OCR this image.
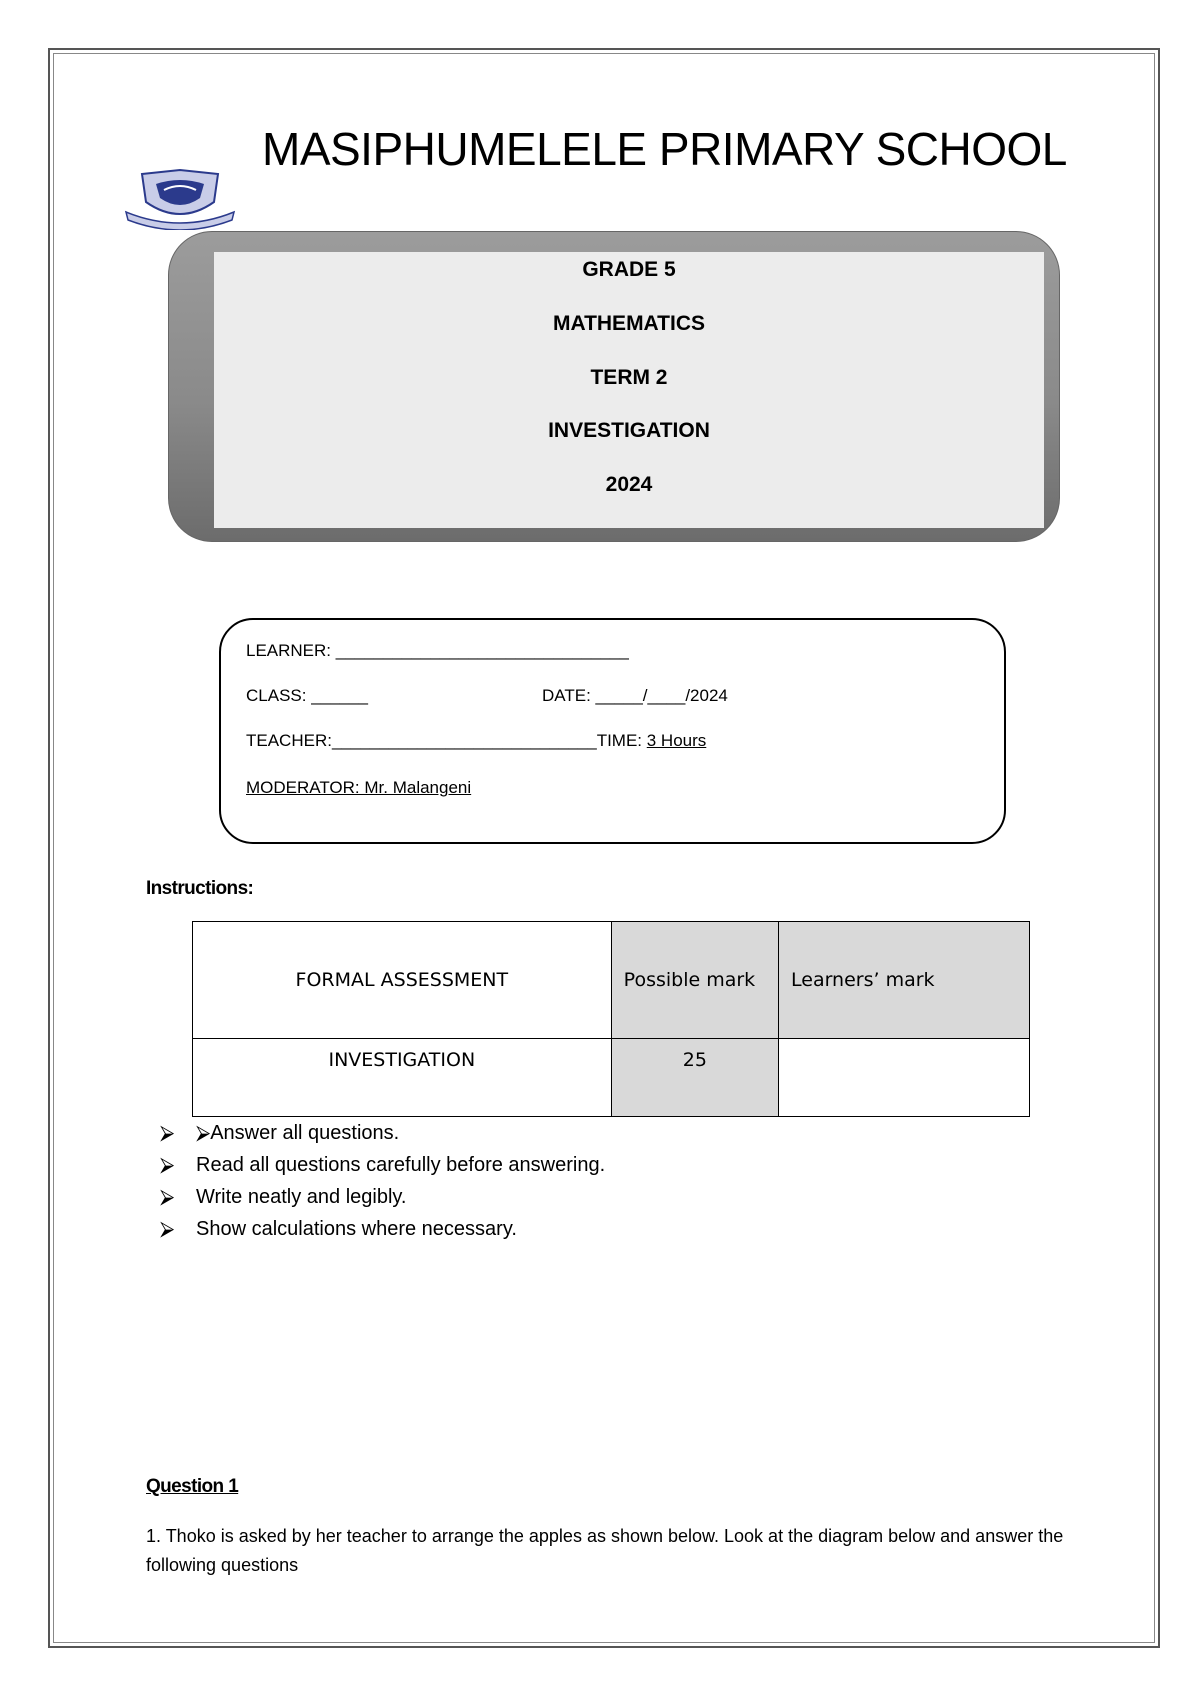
MASIPHUMELELE PRIMARY SCHOOL
GRADE 5
MATHEMATICS
TERM 2
INVESTIGATION
2024
LEARNER: _______________________________
CLASS: ______	DATE: _____/____/2024
TEACHER:____________________________TIME: 3 Hours
MODERATOR: Mr. Malangeni
Instructions:
FORMAL ASSESSMENT	Possible mark	Learners’ mark
INVESTIGATION	25	
⮚ ⮚Answer all questions.
⮚ Read all questions carefully before answering.
⮚ Write neatly and legibly.
⮚ Show calculations where necessary.
Question 1
1. Thoko is asked by her teacher to arrange the apples as shown below. Look at the diagram below and answer the following questions
